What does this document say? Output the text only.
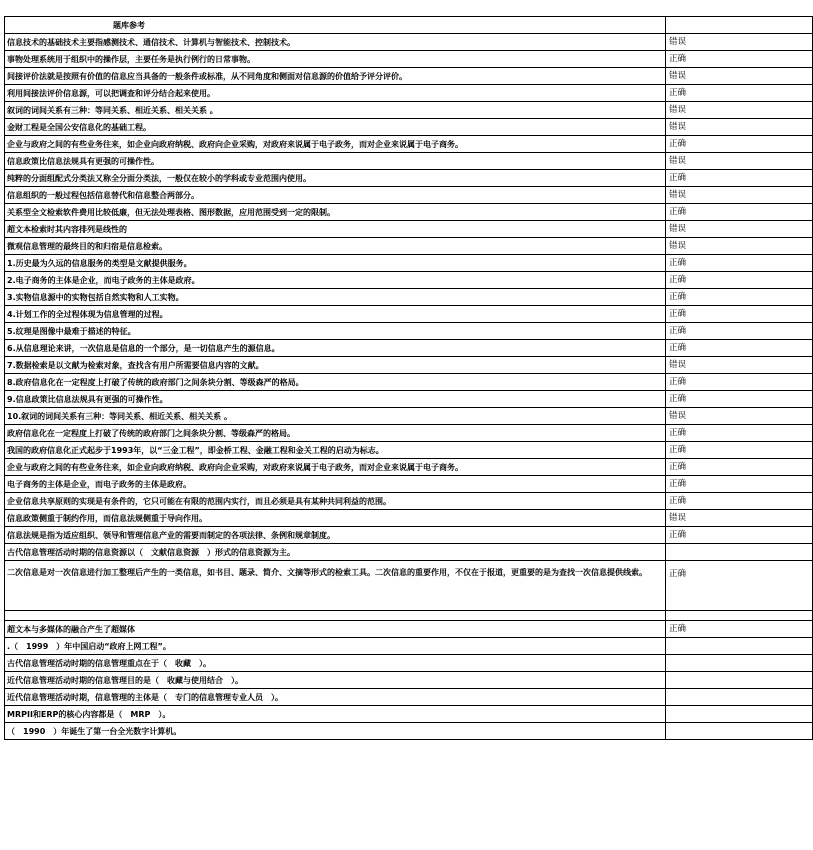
题库参考	
信息技术的基础技术主要指感测技术、通信技术、计算机与智能技术、控制技术。	错误
事物处理系统用于组织中的操作层，主要任务是执行例行的日常事物。	正确
间接评价法就是按照有价值的信息应当具备的一般条件或标准，从不同角度和侧面对信息源的价值给予评分评价。	错误
利用间接法评价信息源，可以把调查和评分结合起来使用。	正确
叙词的词间关系有三种：等同关系、相近关系、相关关系 。	错误
金财工程是全国公安信息化的基础工程。	错误
企业与政府之间的有些业务往来，如企业向政府纳税、政府向企业采购，对政府来说属于电子政务，而对企业来说属于电子商务。	正确
信息政策比信息法规具有更强的可操作性。	错误
纯粹的分面组配式分类法又称全分面分类法，一般仅在较小的学科或专业范围内使用。	正确
信息组织的一般过程包括信息替代和信息整合两部分。	错误
关系型全文检索软件费用比较低廉，但无法处理表格、图形数据，应用范围受到一定的限制。	正确
超文本检索时其内容排列是线性的	错误
微观信息管理的最终目的和归宿是信息检索。	错误
1.历史最为久远的信息服务的类型是文献提供服务。	正确
2.电子商务的主体是企业，而电子政务的主体是政府。	正确
3.实物信息源中的实物包括自然实物和人工实物。	正确
4.计划工作的全过程体现为信息管理的过程。	正确
5.纹理是图像中最难于描述的特征。	正确
6.从信息理论来讲，一次信息是信息的一个部分，是一切信息产生的源信息。	正确
7.数据检索是以文献为检索对象，查找含有用户所需要信息内容的文献。	错误
8.政府信息化在一定程度上打破了传统的政府部门之间条块分割、等级森严的格局。	正确
9.信息政策比信息法规具有更强的可操作性。	正确
10.叙词的词间关系有三种：等同关系、相近关系、相关关系 。	错误
政府信息化在一定程度上打破了传统的政府部门之间条块分割、等级森严的格局。	正确
我国的政府信息化正式起步于1993年，以“三金工程”，即金桥工程、金融工程和金关工程的启动为标志。	正确
企业与政府之间的有些业务往来，如企业向政府纳税、政府向企业采购，对政府来说属于电子政务，而对企业来说属于电子商务。	正确
电子商务的主体是企业，而电子政务的主体是政府。	正确
企业信息共享原则的实现是有条件的，它只可能在有限的范围内实行，而且必须是具有某种共同利益的范围。	正确
信息政策侧重于制约作用，而信息法规侧重于导向作用。	错误
信息法规是指为适应组织、领导和管理信息产业的需要而制定的各项法律、条例和规章制度。	正确
古代信息管理活动时期的信息资源以（　文献信息资源　）形式的信息资源为主。	
二次信息是对一次信息进行加工整理后产生的一类信息，如书目、题录、简介、文摘等形式的检索工具。二次信息的重要作用，不仅在于报道，更重要的是为查找一次信息提供线索。	正确

超文本与多媒体的融合产生了超媒体	正确
.（　1999　）年中国启动“政府上网工程”。	
古代信息管理活动时期的信息管理重点在于（　收藏　）。	
近代信息管理活动时期的信息管理目的是（　收藏与使用结合　）。	
近代信息管理活动时期，信息管理的主体是（　专门的信息管理专业人员　）。	
MRPII和ERP的核心内容都是（　MRP　）。	
（　1990　）年诞生了第一台全光数字计算机。	
